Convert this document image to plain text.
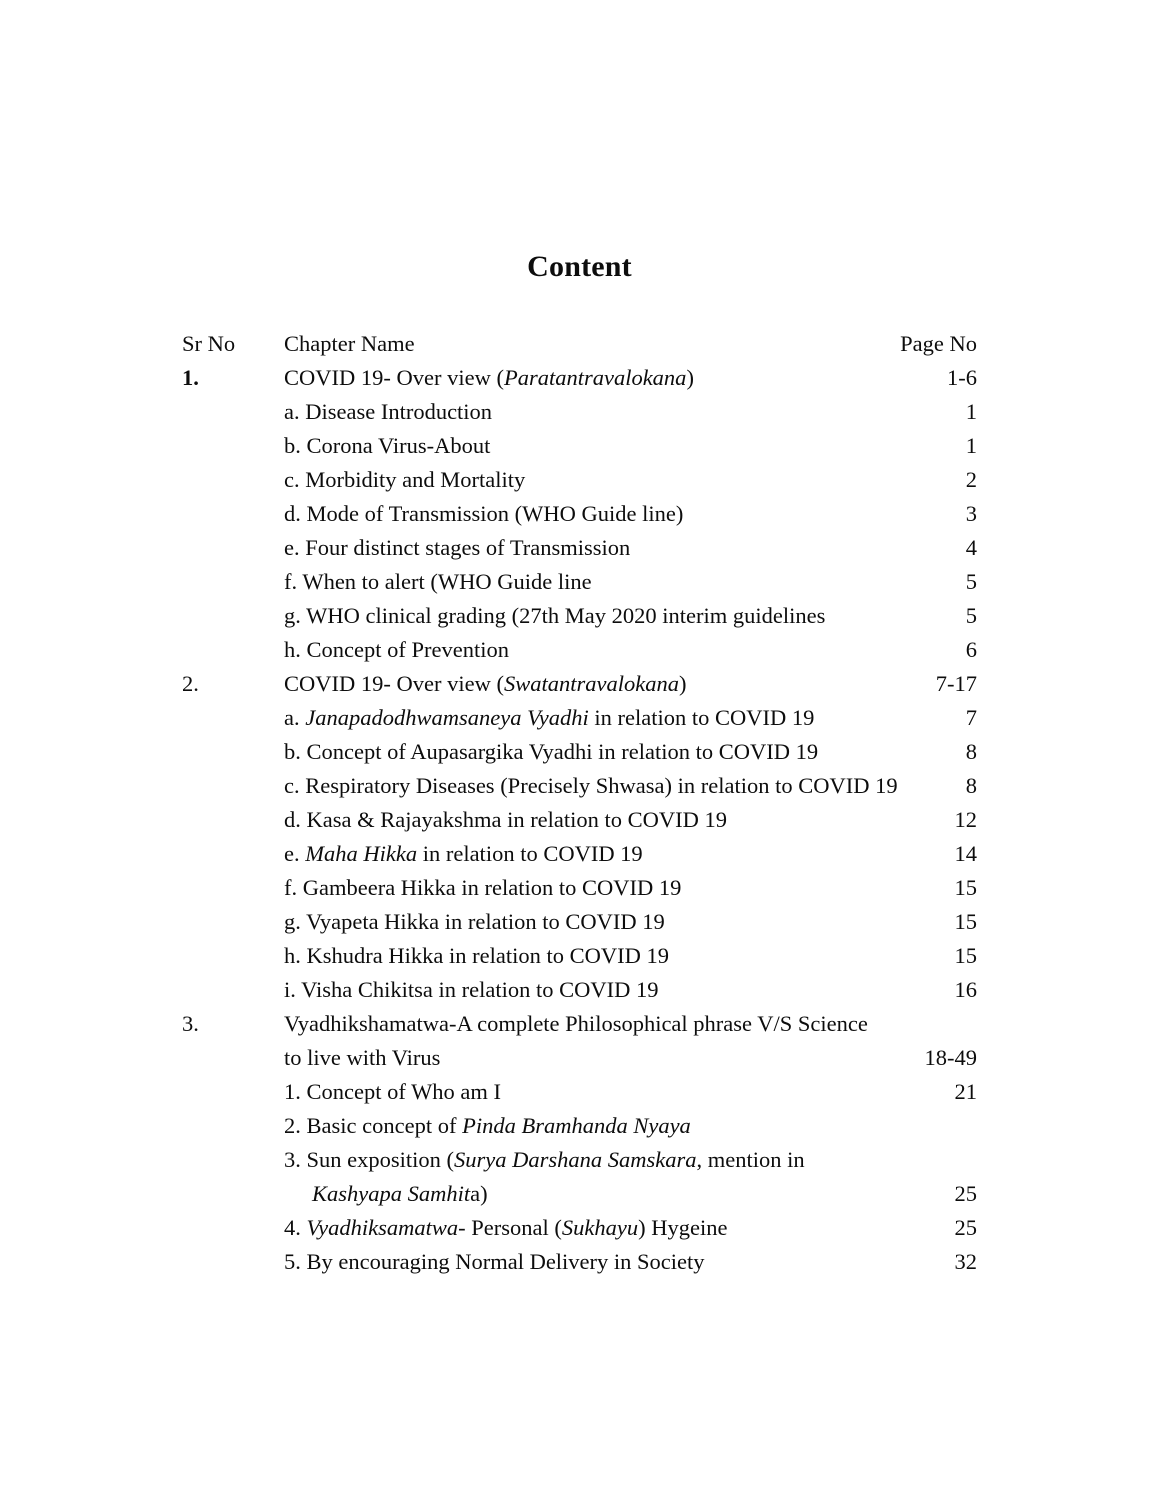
Content
Sr No	Chapter Name	Page No
1.	COVID 19- Over view (Paratantravalokana)	1-6
a. Disease Introduction	1
b. Corona Virus-About	1
c. Morbidity and Mortality	2
d. Mode of Transmission (WHO Guide line)	3
e. Four distinct stages of Transmission	4
f. When to alert (WHO Guide line	5
g. WHO clinical grading (27th May 2020 interim guidelines	5
h. Concept of Prevention	6
2.	COVID 19- Over view (Swatantravalokana)	7-17
a. Janapadodhwamsaneya Vyadhi in relation to COVID 19	7
b. Concept of Aupasargika Vyadhi in relation to COVID 19	8
c. Respiratory Diseases (Precisely Shwasa) in relation to COVID 19	8
d. Kasa & Rajayakshma in relation to COVID 19	12
e. Maha Hikka in relation to COVID 19	14
f. Gambeera Hikka in relation to COVID 19	15
g. Vyapeta Hikka in relation to COVID 19	15
h. Kshudra Hikka in relation to COVID 19	15
i. Visha Chikitsa in relation to COVID 19	16
3.	Vyadhikshamatwa-A complete Philosophical phrase V/S Science
to live with Virus	18-49
1. Concept of Who am I	21
2. Basic concept of Pinda Bramhanda Nyaya
3. Sun exposition (Surya Darshana Samskara, mention in
Kashyapa Samhita)	25
4. Vyadhiksamatwa- Personal (Sukhayu) Hygeine	25
5. By encouraging Normal Delivery in Society	32
